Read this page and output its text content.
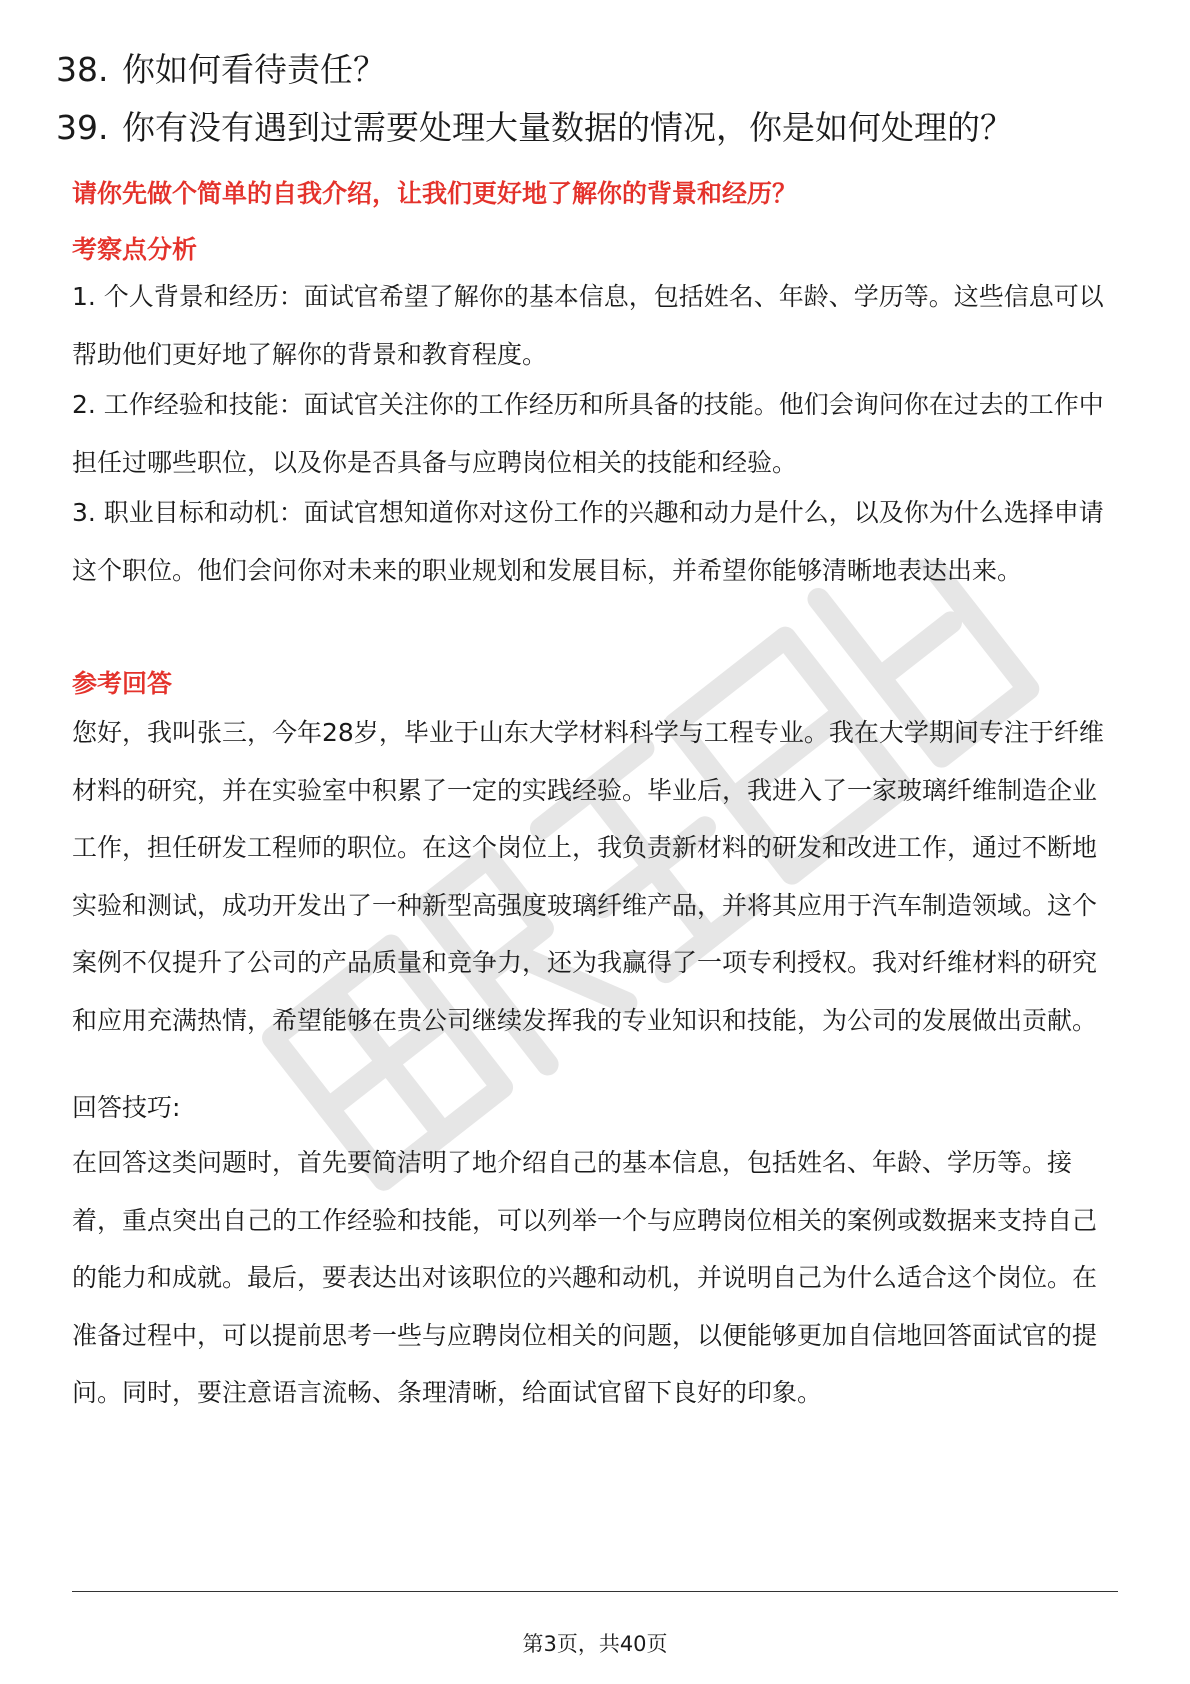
38. 你如何看待责任？
39. 你有没有遇到过需要处理大量数据的情况，你是如何处理的？
请你先做个简单的自我介绍，让我们更好地了解你的背景和经历？
考察点分析

1. 个人背景和经历：面试官希望了解你的基本信息，包括姓名、年龄、学历等。这些信息可以帮助他们更好地了解你的背景和教育程度。

2. 工作经验和技能：面试官关注你的工作经历和所具备的技能。他们会询问你在过去的工作中担任过哪些职位，以及你是否具备与应聘岗位相关的技能和经验。

3. 职业目标和动机：面试官想知道你对这份工作的兴趣和动力是什么，以及你为什么选择申请这个职位。他们会问你对未来的职业规划和发展目标，并希望你能够清晰地表达出来。

参考回答

您好，我叫张三，今年28岁，毕业于山东大学材料科学与工程专业。我在大学期间专注于纤维材料的研究，并在实验室中积累了一定的实践经验。毕业后，我进入了一家玻璃纤维制造企业工作，担任研发工程师的职位。在这个岗位上，我负责新材料的研发和改进工作，通过不断地实验和测试，成功开发出了一种新型高强度玻璃纤维产品，并将其应用于汽车制造领域。这个案例不仅提升了公司的产品质量和竞争力，还为我赢得了一项专利授权。我对纤维材料的研究和应用充满热情，希望能够在贵公司继续发挥我的专业知识和技能，为公司的发展做出贡献。

回答技巧:

在回答这类问题时，首先要简洁明了地介绍自己的基本信息，包括姓名、年龄、学历等。接着，重点突出自己的工作经验和技能，可以列举一个与应聘岗位相关的案例或数据来支持自己的能力和成就。最后，要表达出对该职位的兴趣和动机，并说明自己为什么适合这个岗位。在准备过程中，可以提前思考一些与应聘岗位相关的问题，以便能够更加自信地回答面试官的提问。同时，要注意语言流畅、条理清晰，给面试官留下良好的印象。

第3页，共40页
